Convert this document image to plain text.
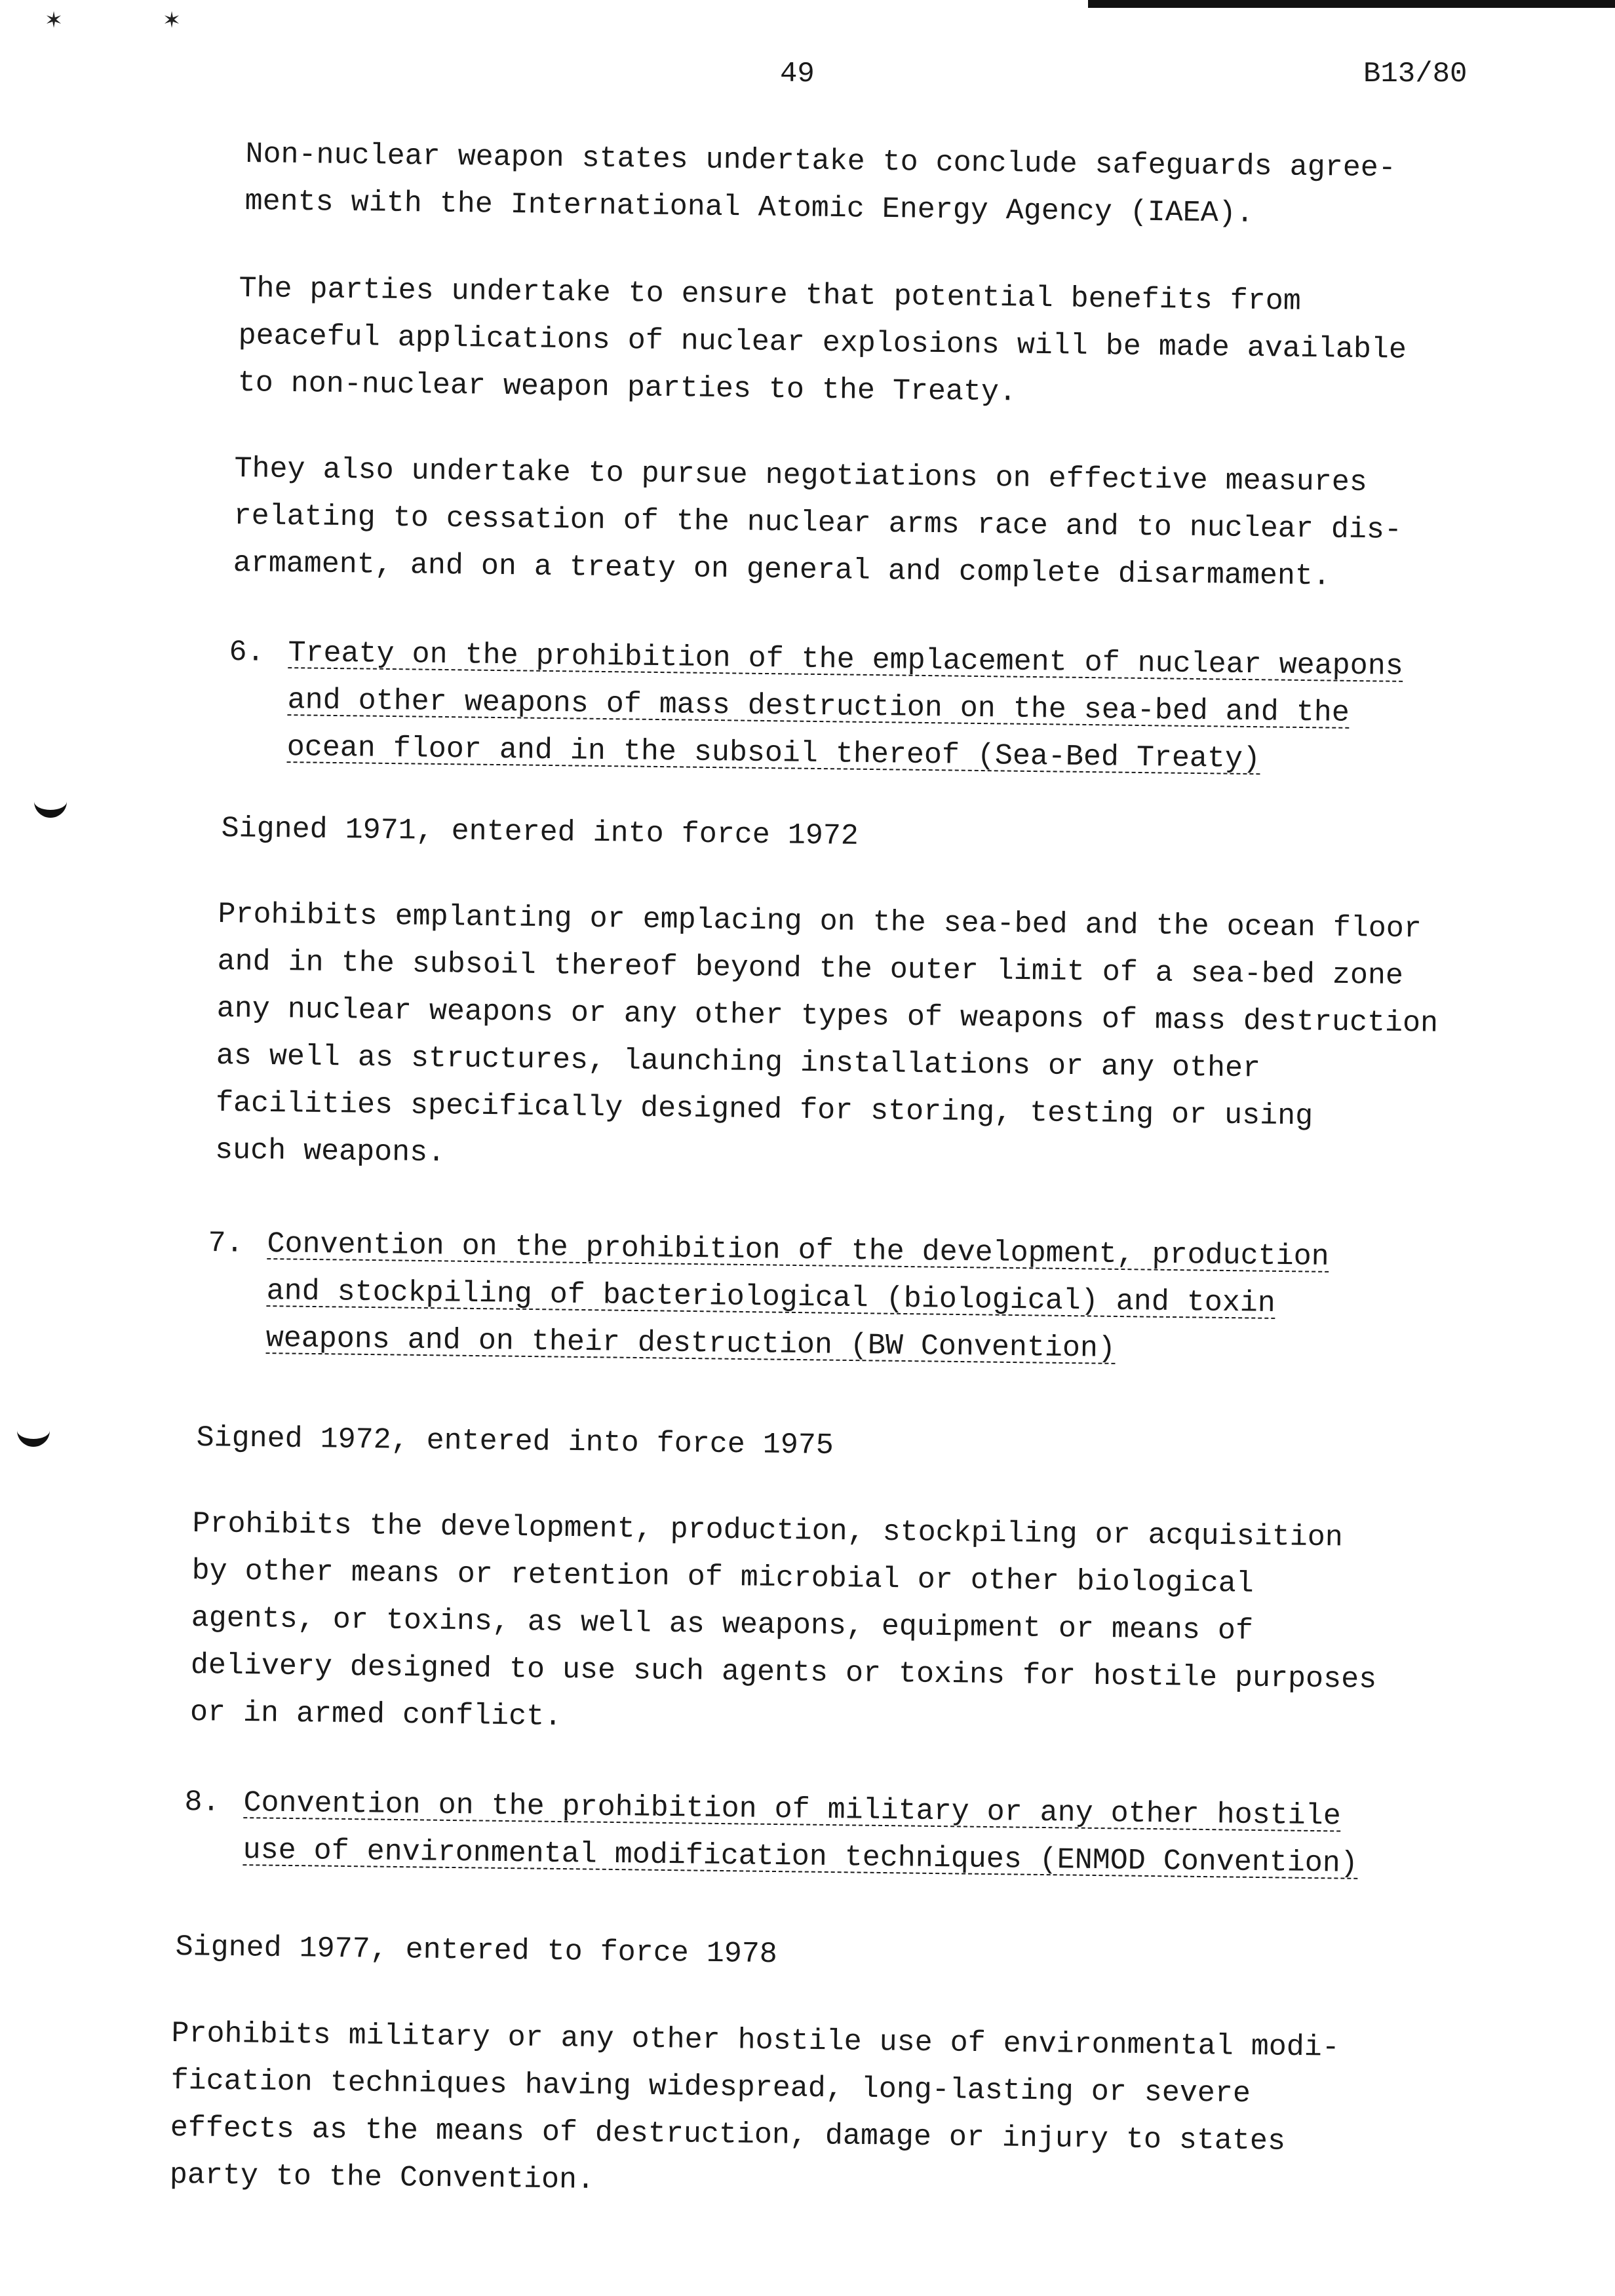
✶	✶
49	B13/80
Non-nuclear weapon states undertake to conclude safeguards agree-
ments with the International Atomic Energy Agency (IAEA).
The parties undertake to ensure that potential benefits from
peaceful applications of nuclear explosions will be made available
to non-nuclear weapon parties to the Treaty.
They also undertake to pursue negotiations on effective measures
relating to cessation of the nuclear arms race and to nuclear dis-
armament, and on a treaty on general and complete disarmament.

6.

Treaty on the prohibition of the emplacement of nuclear weapons
and other weapons of mass destruction on the sea-bed and the
ocean floor and in the subsoil thereof (Sea-Bed Treaty)

Signed 1971, entered into force 1972
Prohibits emplanting or emplacing on the sea-bed and the ocean floor
and in the subsoil thereof beyond the outer limit of a sea-bed zone
any nuclear weapons or any other types of weapons of mass destruction
as well as structures, launching installations or any other
facilities specifically designed for storing, testing or using
such weapons.

7.

Convention on the prohibition of the development, production
and stockpiling of bacteriological (biological) and toxin
weapons and on their destruction (BW Convention)

Signed 1972, entered into force 1975
Prohibits the development, production, stockpiling or acquisition
by other means or retention of microbial or other biological
agents, or toxins, as well as weapons, equipment or means of
delivery designed to use such agents or toxins for hostile purposes
or in armed conflict.

8.

Convention on the prohibition of military or any other hostile
use of environmental modification techniques (ENMOD Convention)

Signed 1977, entered to force 1978
Prohibits military or any other hostile use of environmental modi-
fication techniques having widespread, long-lasting or severe
effects as the means of destruction, damage or injury to states
party to the Convention.
